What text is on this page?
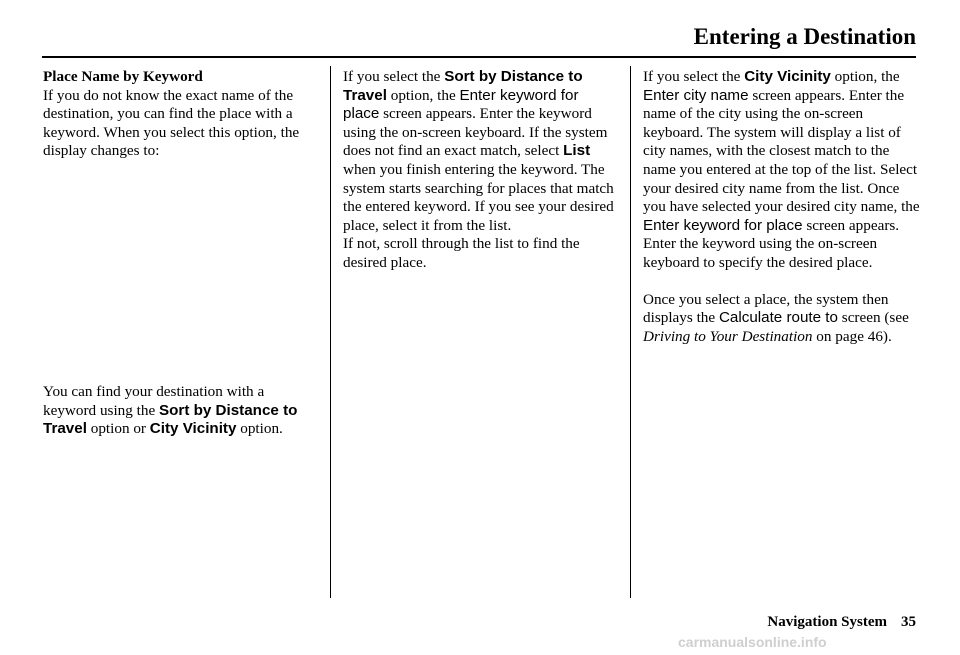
Entering a Destination
Place Name by Keyword
If you do not know the exact name of the destination, you can find the place with a keyword. When you select this option, the display changes to:
You can find your destination with a keyword using the Sort by Distance to Travel option or City Vicinity option.
If you select the Sort by Distance to Travel option, the Enter keyword for place screen appears. Enter the keyword using the on-screen keyboard. If the system does not find an exact match, select List when you finish entering the keyword. The system starts searching for places that match the entered keyword. If you see your desired place, select it from the list.
If not, scroll through the list to find the desired place.
If you select the City Vicinity option, the Enter city name screen appears. Enter the name of the city using the on-screen keyboard. The system will display a list of city names, with the closest match to the name you entered at the top of the list. Select your desired city name from the list. Once you have selected your desired city name, the Enter keyword for place screen appears. Enter the keyword using the on-screen keyboard to specify the desired place.
Once you select a place, the system then displays the Calculate route to screen (see Driving to Your Destination on page 46).
Navigation System 35
carmanualsonline.info
